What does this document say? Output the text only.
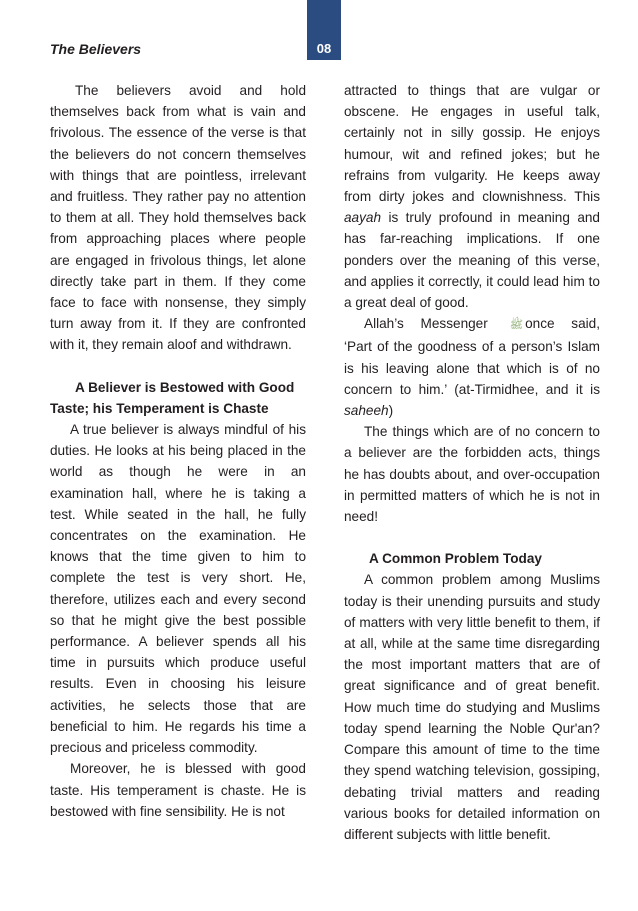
The Believers	08

The believers avoid and hold themselves back from what is vain and frivolous. The essence of the verse is that the believers do not concern themselves with things that are pointless, irrelevant and fruitless. They rather pay no attention to them at all. They hold themselves back from approaching places where people are engaged in frivolous things, let alone directly take part in them. If they come face to face with nonsense, they simply turn away from it. If they are confronted with it, they remain aloof and withdrawn.

A Believer is Bestowed with Good Taste; his Temperament is Chaste

A true believer is always mindful of his duties. He looks at his being placed in the world as though he were in an examination hall, where he is taking a test. While seated in the hall, he fully concentrates on the examination. He knows that the time given to him to complete the test is very short. He, therefore, utilizes each and every second so that he might give the best possible performance. A believer spends all his time in pursuits which produce useful results. Even in choosing his leisure activities, he selects those that are beneficial to him. He regards his time a precious and priceless commodity.

Moreover, he is blessed with good taste. His temperament is chaste. He is bestowed with fine sensibility. He is not

attracted to things that are vulgar or obscene. He engages in useful talk, certainly not in silly gossip. He enjoys humour, wit and refined jokes; but he refrains from vulgarity. He keeps away from dirty jokes and clownishness. This aayah is truly profound in meaning and has far-reaching implications. If one ponders over the meaning of this verse, and applies it correctly, it could lead him to a great deal of good.

Allah’s Messenger ﷺ once said, ‘Part of the goodness of a person’s Islam is his leaving alone that which is of no concern to him.’ (at-Tirmidhee, and it is saheeh)

The things which are of no concern to a believer are the forbidden acts, things he has doubts about, and over-occupation in permitted matters of which he is not in need!

A Common Problem Today

A common problem among Muslims today is their unending pursuits and study of matters with very little benefit to them, if at all, while at the same time disregarding the most important matters that are of great significance and of great benefit. How much time do studying and Muslims today spend learning the Noble Qur'an? Compare this amount of time to the time they spend watching television, gossiping, debating trivial matters and reading various books for detailed information on different subjects with little benefit.
